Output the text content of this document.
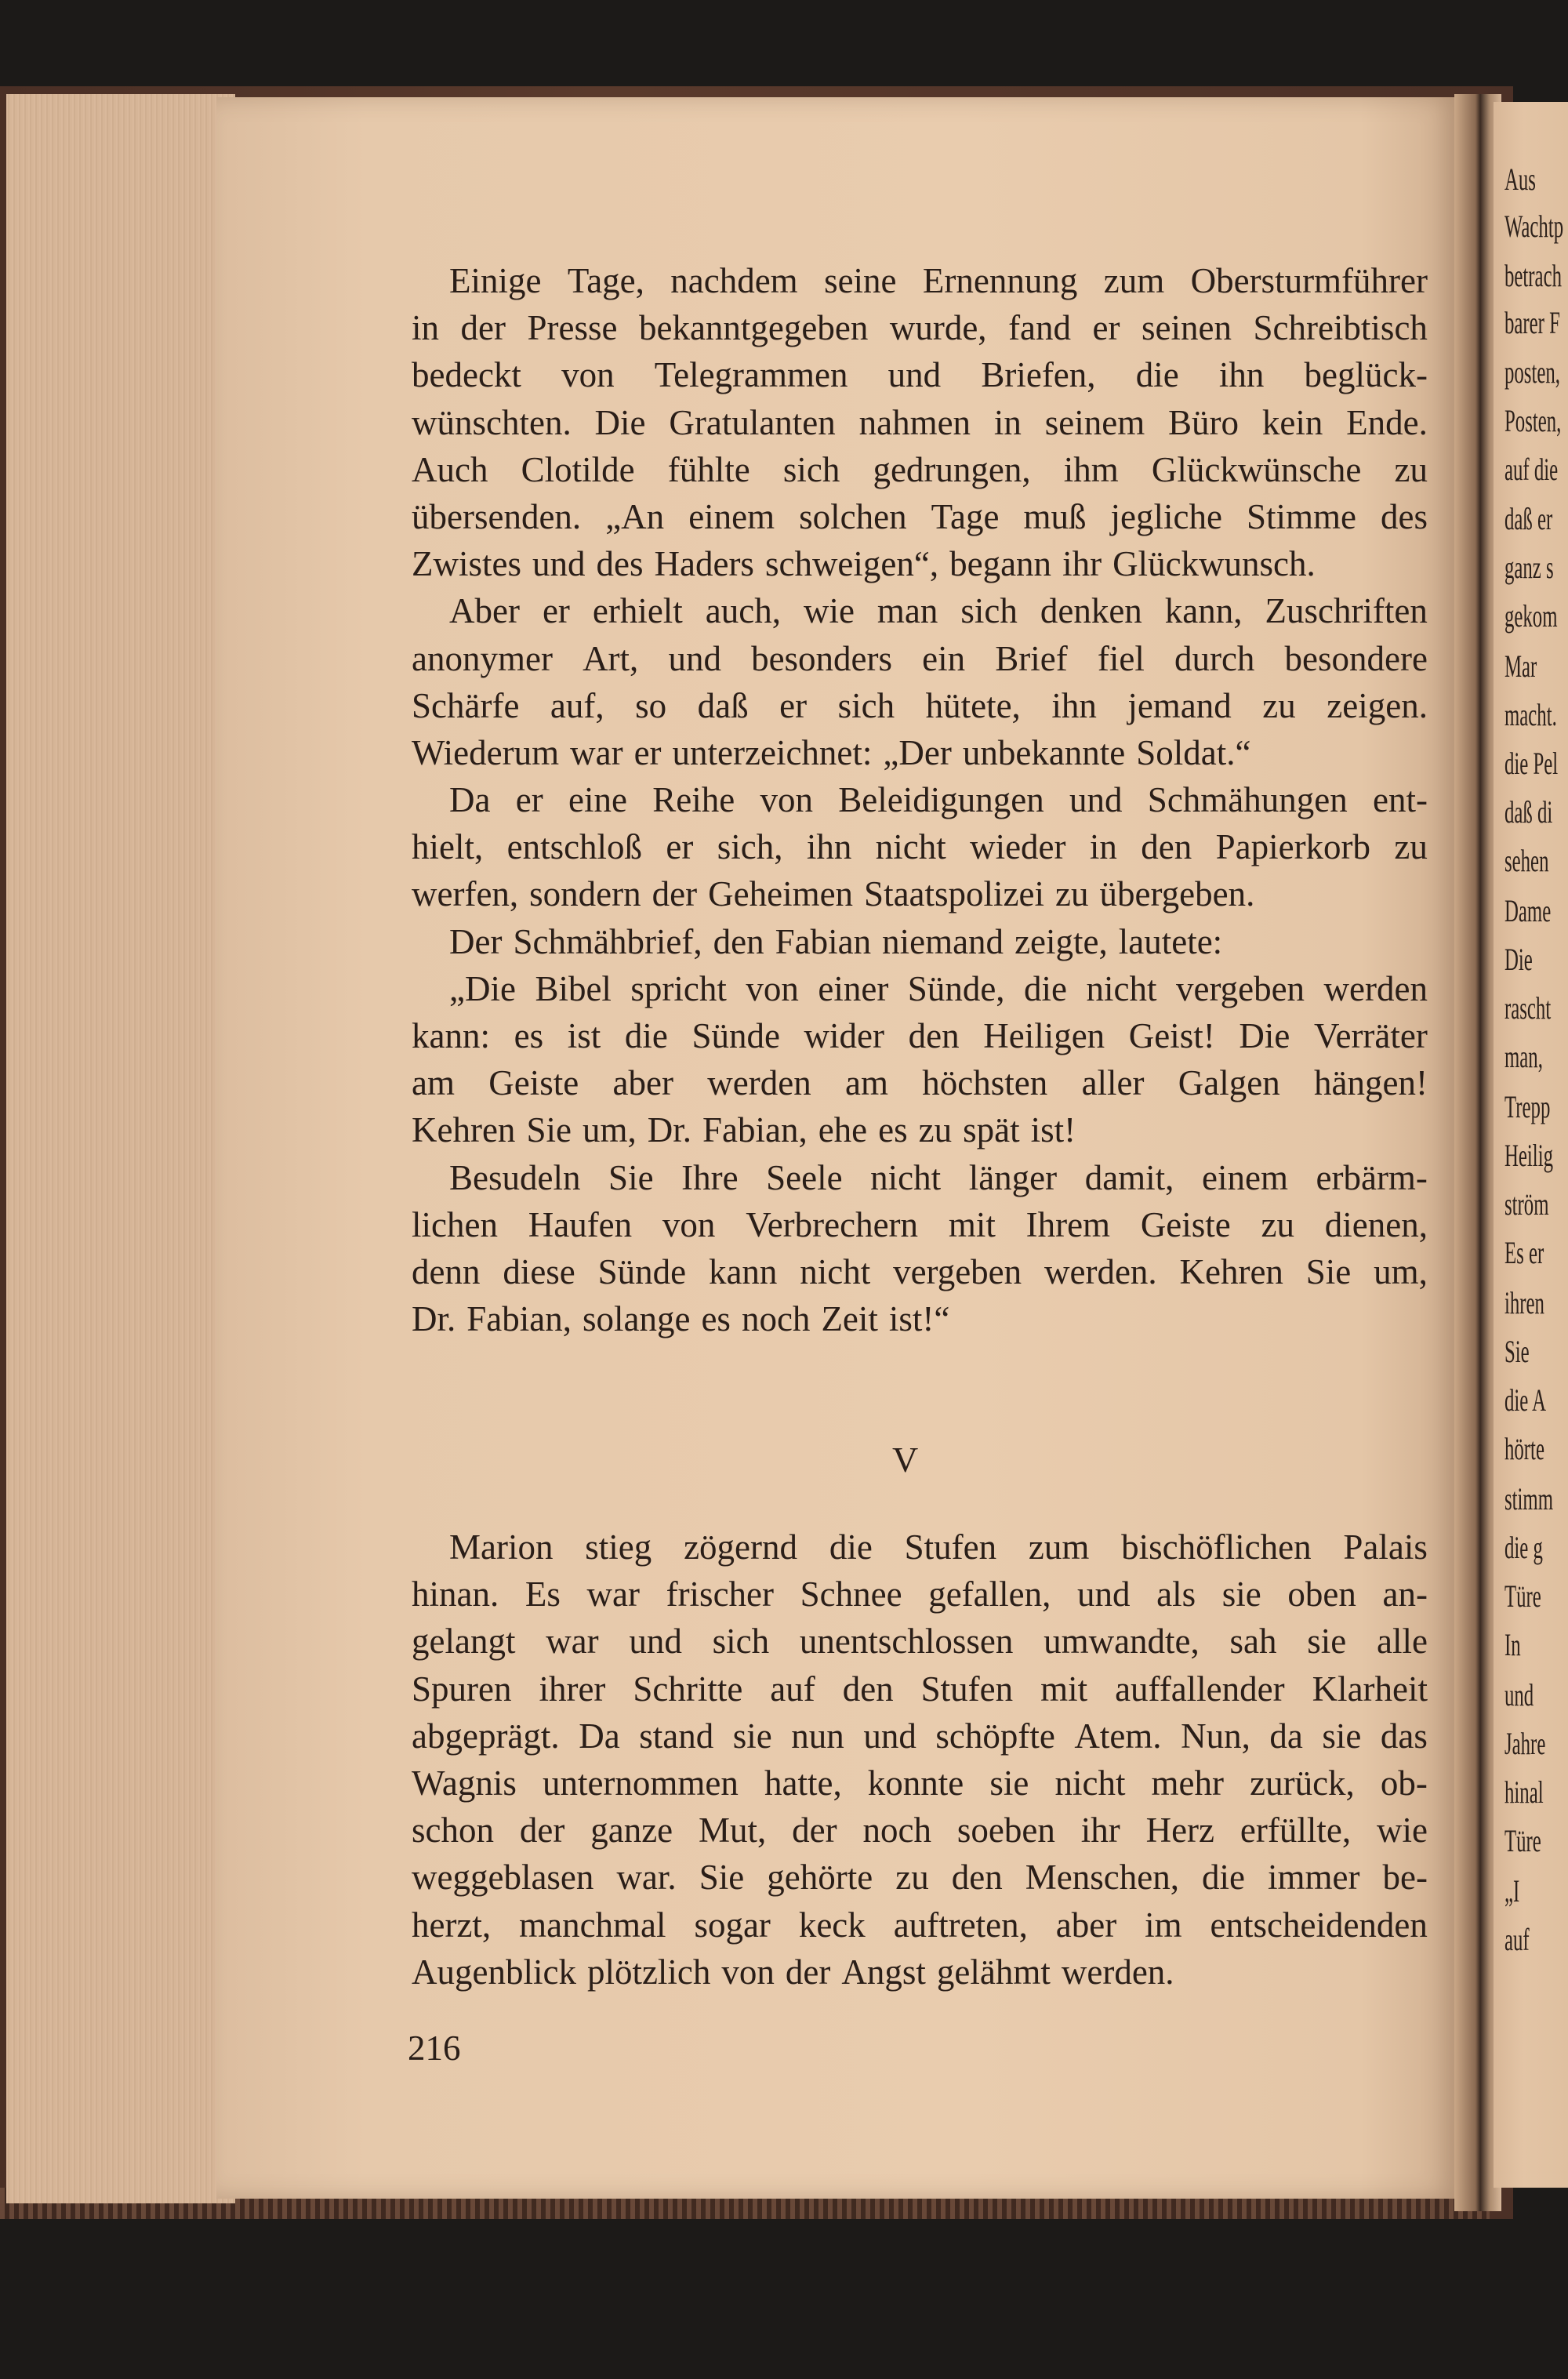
Aus
Wachtp
betrach
barer F
posten,
Posten,
auf die
daß er
ganz s
gekom
Mar
macht.
die Pel
daß di
sehen
Dame
Die
rascht
man,
Trepp
Heilig
ström
Es er
ihren
Sie
die A
hörte
stimm
die g
Türe
In
und
Jahre
hinal
Türe
„I
auf
Einige Tage, nachdem seine Ernennung zum Obersturmführer
in der Presse bekanntgegeben wurde, fand er seinen Schreibtisch
bedeckt von Telegrammen und Briefen, die ihn beglück-
wünschten. Die Gratulanten nahmen in seinem Büro kein Ende.
Auch Clotilde fühlte sich gedrungen, ihm Glückwünsche zu
übersenden. „An einem solchen Tage muß jegliche Stimme des
Zwistes und des Haders schweigen“, begann ihr Glückwunsch.
Aber er erhielt auch, wie man sich denken kann, Zuschriften
anonymer Art, und besonders ein Brief fiel durch besondere
Schärfe auf, so daß er sich hütete, ihn jemand zu zeigen.
Wiederum war er unterzeichnet: „Der unbekannte Soldat.“
Da er eine Reihe von Beleidigungen und Schmähungen ent-
hielt, entschloß er sich, ihn nicht wieder in den Papierkorb zu
werfen, sondern der Geheimen Staatspolizei zu übergeben.
Der Schmähbrief, den Fabian niemand zeigte, lautete:
„Die Bibel spricht von einer Sünde, die nicht vergeben werden
kann: es ist die Sünde wider den Heiligen Geist! Die Verräter
am Geiste aber werden am höchsten aller Galgen hängen!
Kehren Sie um, Dr. Fabian, ehe es zu spät ist!
Besudeln Sie Ihre Seele nicht länger damit, einem erbärm-
lichen Haufen von Verbrechern mit Ihrem Geiste zu dienen,
denn diese Sünde kann nicht vergeben werden. Kehren Sie um,
Dr. Fabian, solange es noch Zeit ist!“
V
Marion stieg zögernd die Stufen zum bischöflichen Palais
hinan. Es war frischer Schnee gefallen, und als sie oben an-
gelangt war und sich unentschlossen umwandte, sah sie alle
Spuren ihrer Schritte auf den Stufen mit auffallender Klarheit
abgeprägt. Da stand sie nun und schöpfte Atem. Nun, da sie das
Wagnis unternommen hatte, konnte sie nicht mehr zurück, ob-
schon der ganze Mut, der noch soeben ihr Herz erfüllte, wie
weggeblasen war. Sie gehörte zu den Menschen, die immer be-
herzt, manchmal sogar keck auftreten, aber im entscheidenden
Augenblick plötzlich von der Angst gelähmt werden.
216
